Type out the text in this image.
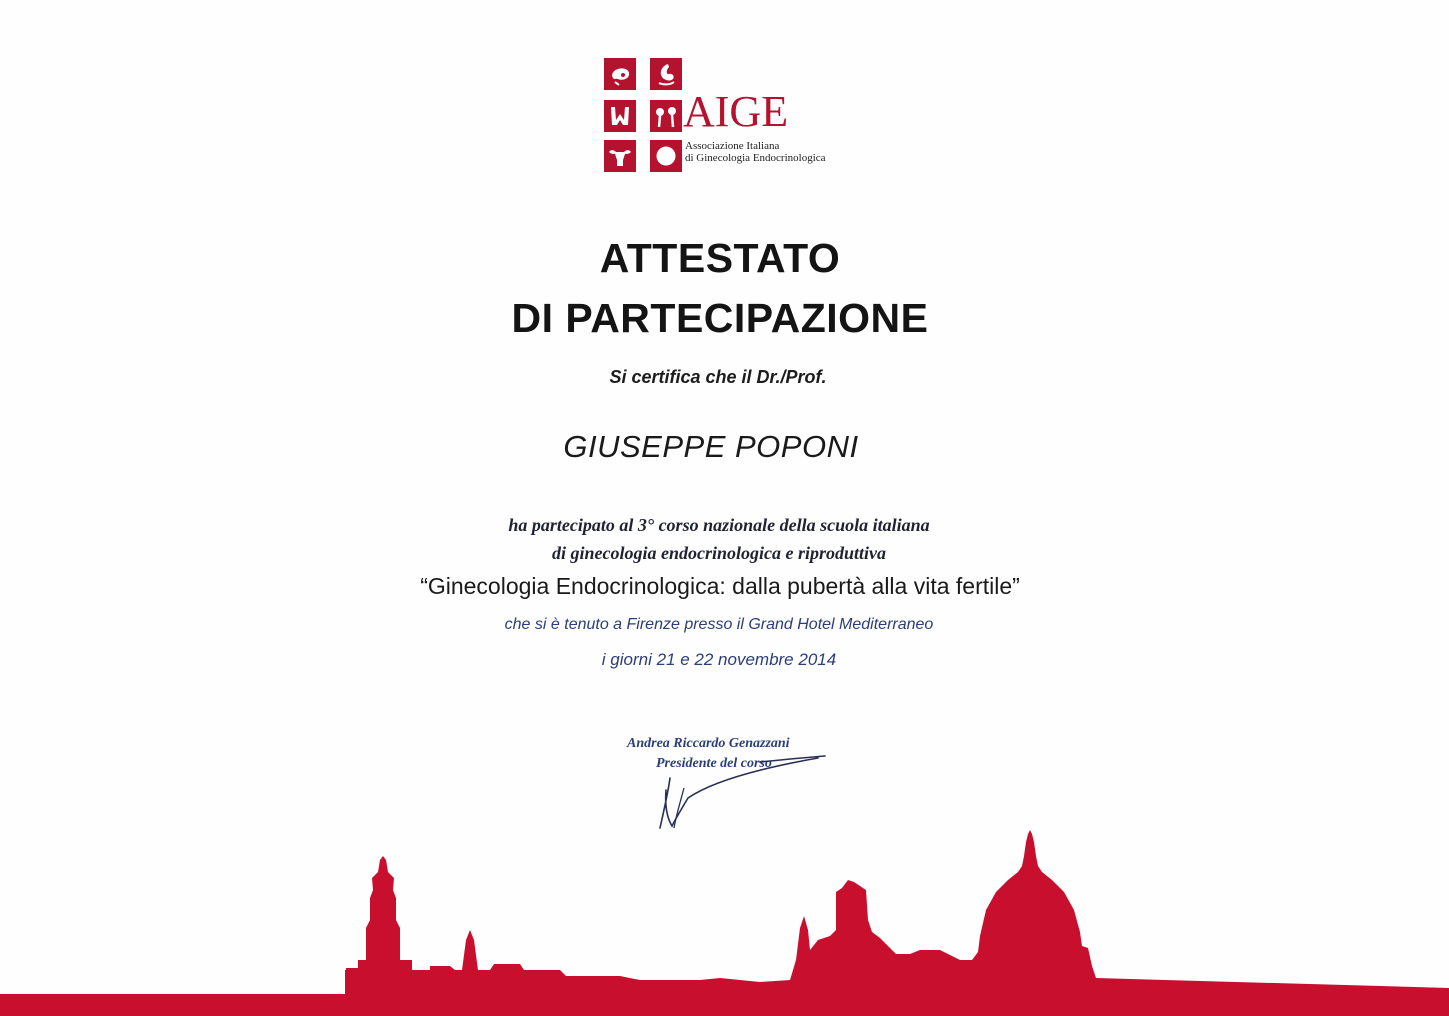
AIGE
Associazione Italiana
di Ginecologia Endocrinologica
ATTESTATO
DI PARTECIPAZIONE
Si certifica che il Dr./Prof.
GIUSEPPE POPONI
ha partecipato al 3° corso nazionale della scuola italiana
di ginecologia endocrinologica e riproduttiva
“Ginecologia Endocrinologica: dalla pubertà alla vita fertile”
che si è tenuto a Firenze presso il Grand Hotel Mediterraneo
i giorni 21 e 22 novembre 2014
Andrea Riccardo Genazzani
Presidente del corso
